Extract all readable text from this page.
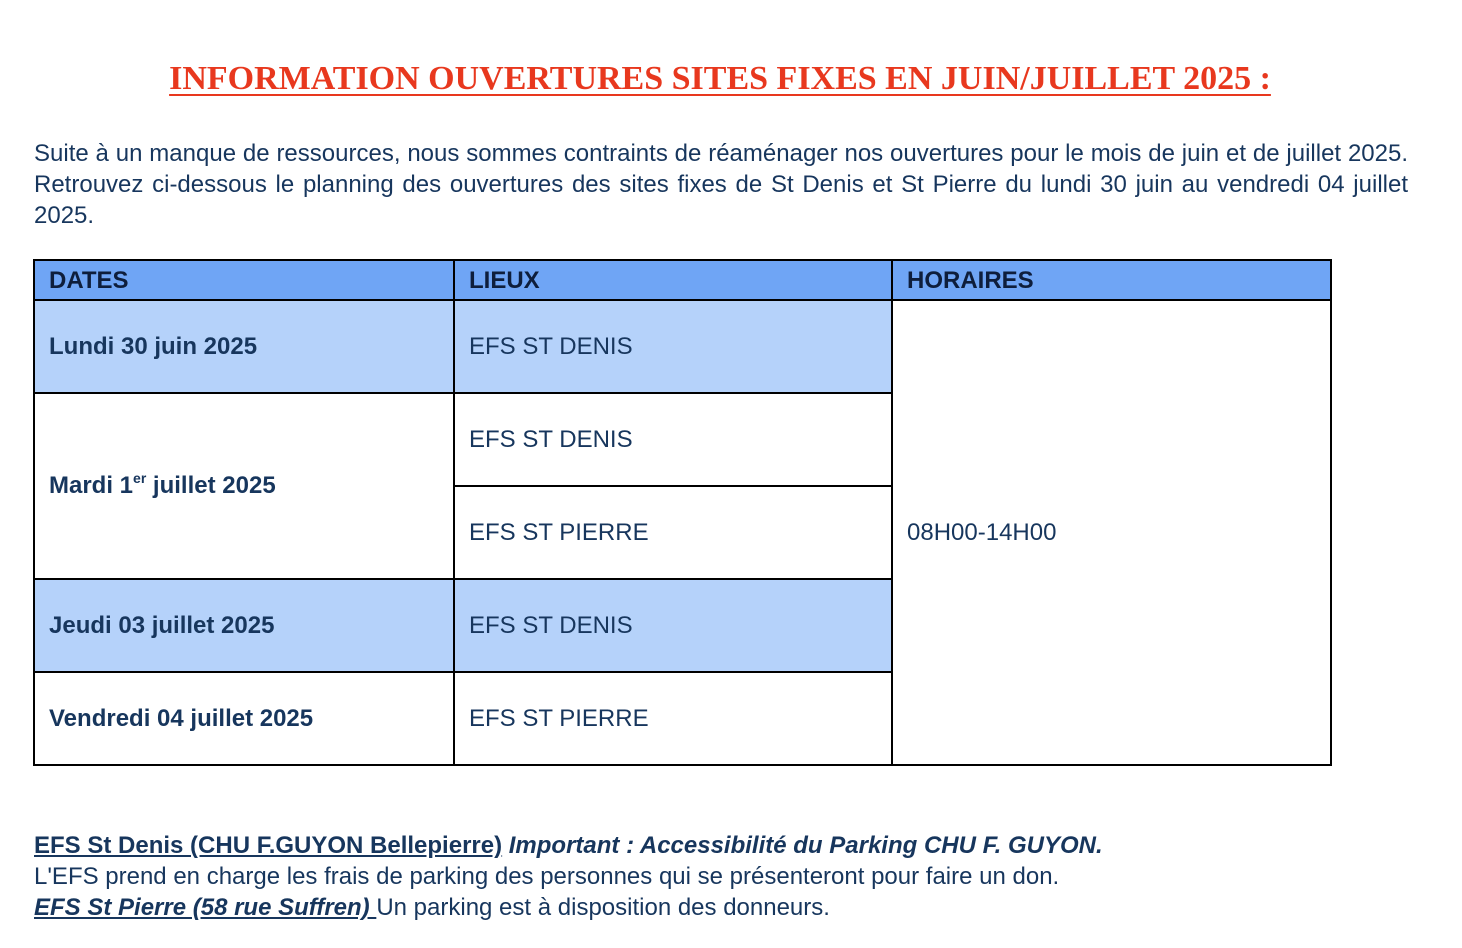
INFORMATION OUVERTURES SITES FIXES EN JUIN/JUILLET 2025 :
Suite à un manque de ressources, nous sommes contraints de réaménager nos ouvertures pour le mois de juin et de juillet 2025. Retrouvez ci-dessous le planning des ouvertures des sites fixes de St Denis et St Pierre du lundi 30 juin au vendredi 04 juillet 2025.
DATES	LIEUX	HORAIRES
Lundi 30 juin 2025	EFS ST DENIS	08H00-14H00
Mardi 1er juillet 2025	EFS ST DENIS	
	EFS ST PIERRE	
Jeudi 03 juillet 2025	EFS ST DENIS	
Vendredi 04 juillet 2025	EFS ST PIERRE	
EFS St Denis (CHU F.GUYON Bellepierre) Important : Accessibilité du Parking CHU F. GUYON.
L'EFS prend en charge les frais de parking des personnes qui se présenteront pour faire un don.
EFS St Pierre (58 rue Suffren) Un parking est à disposition des donneurs.
